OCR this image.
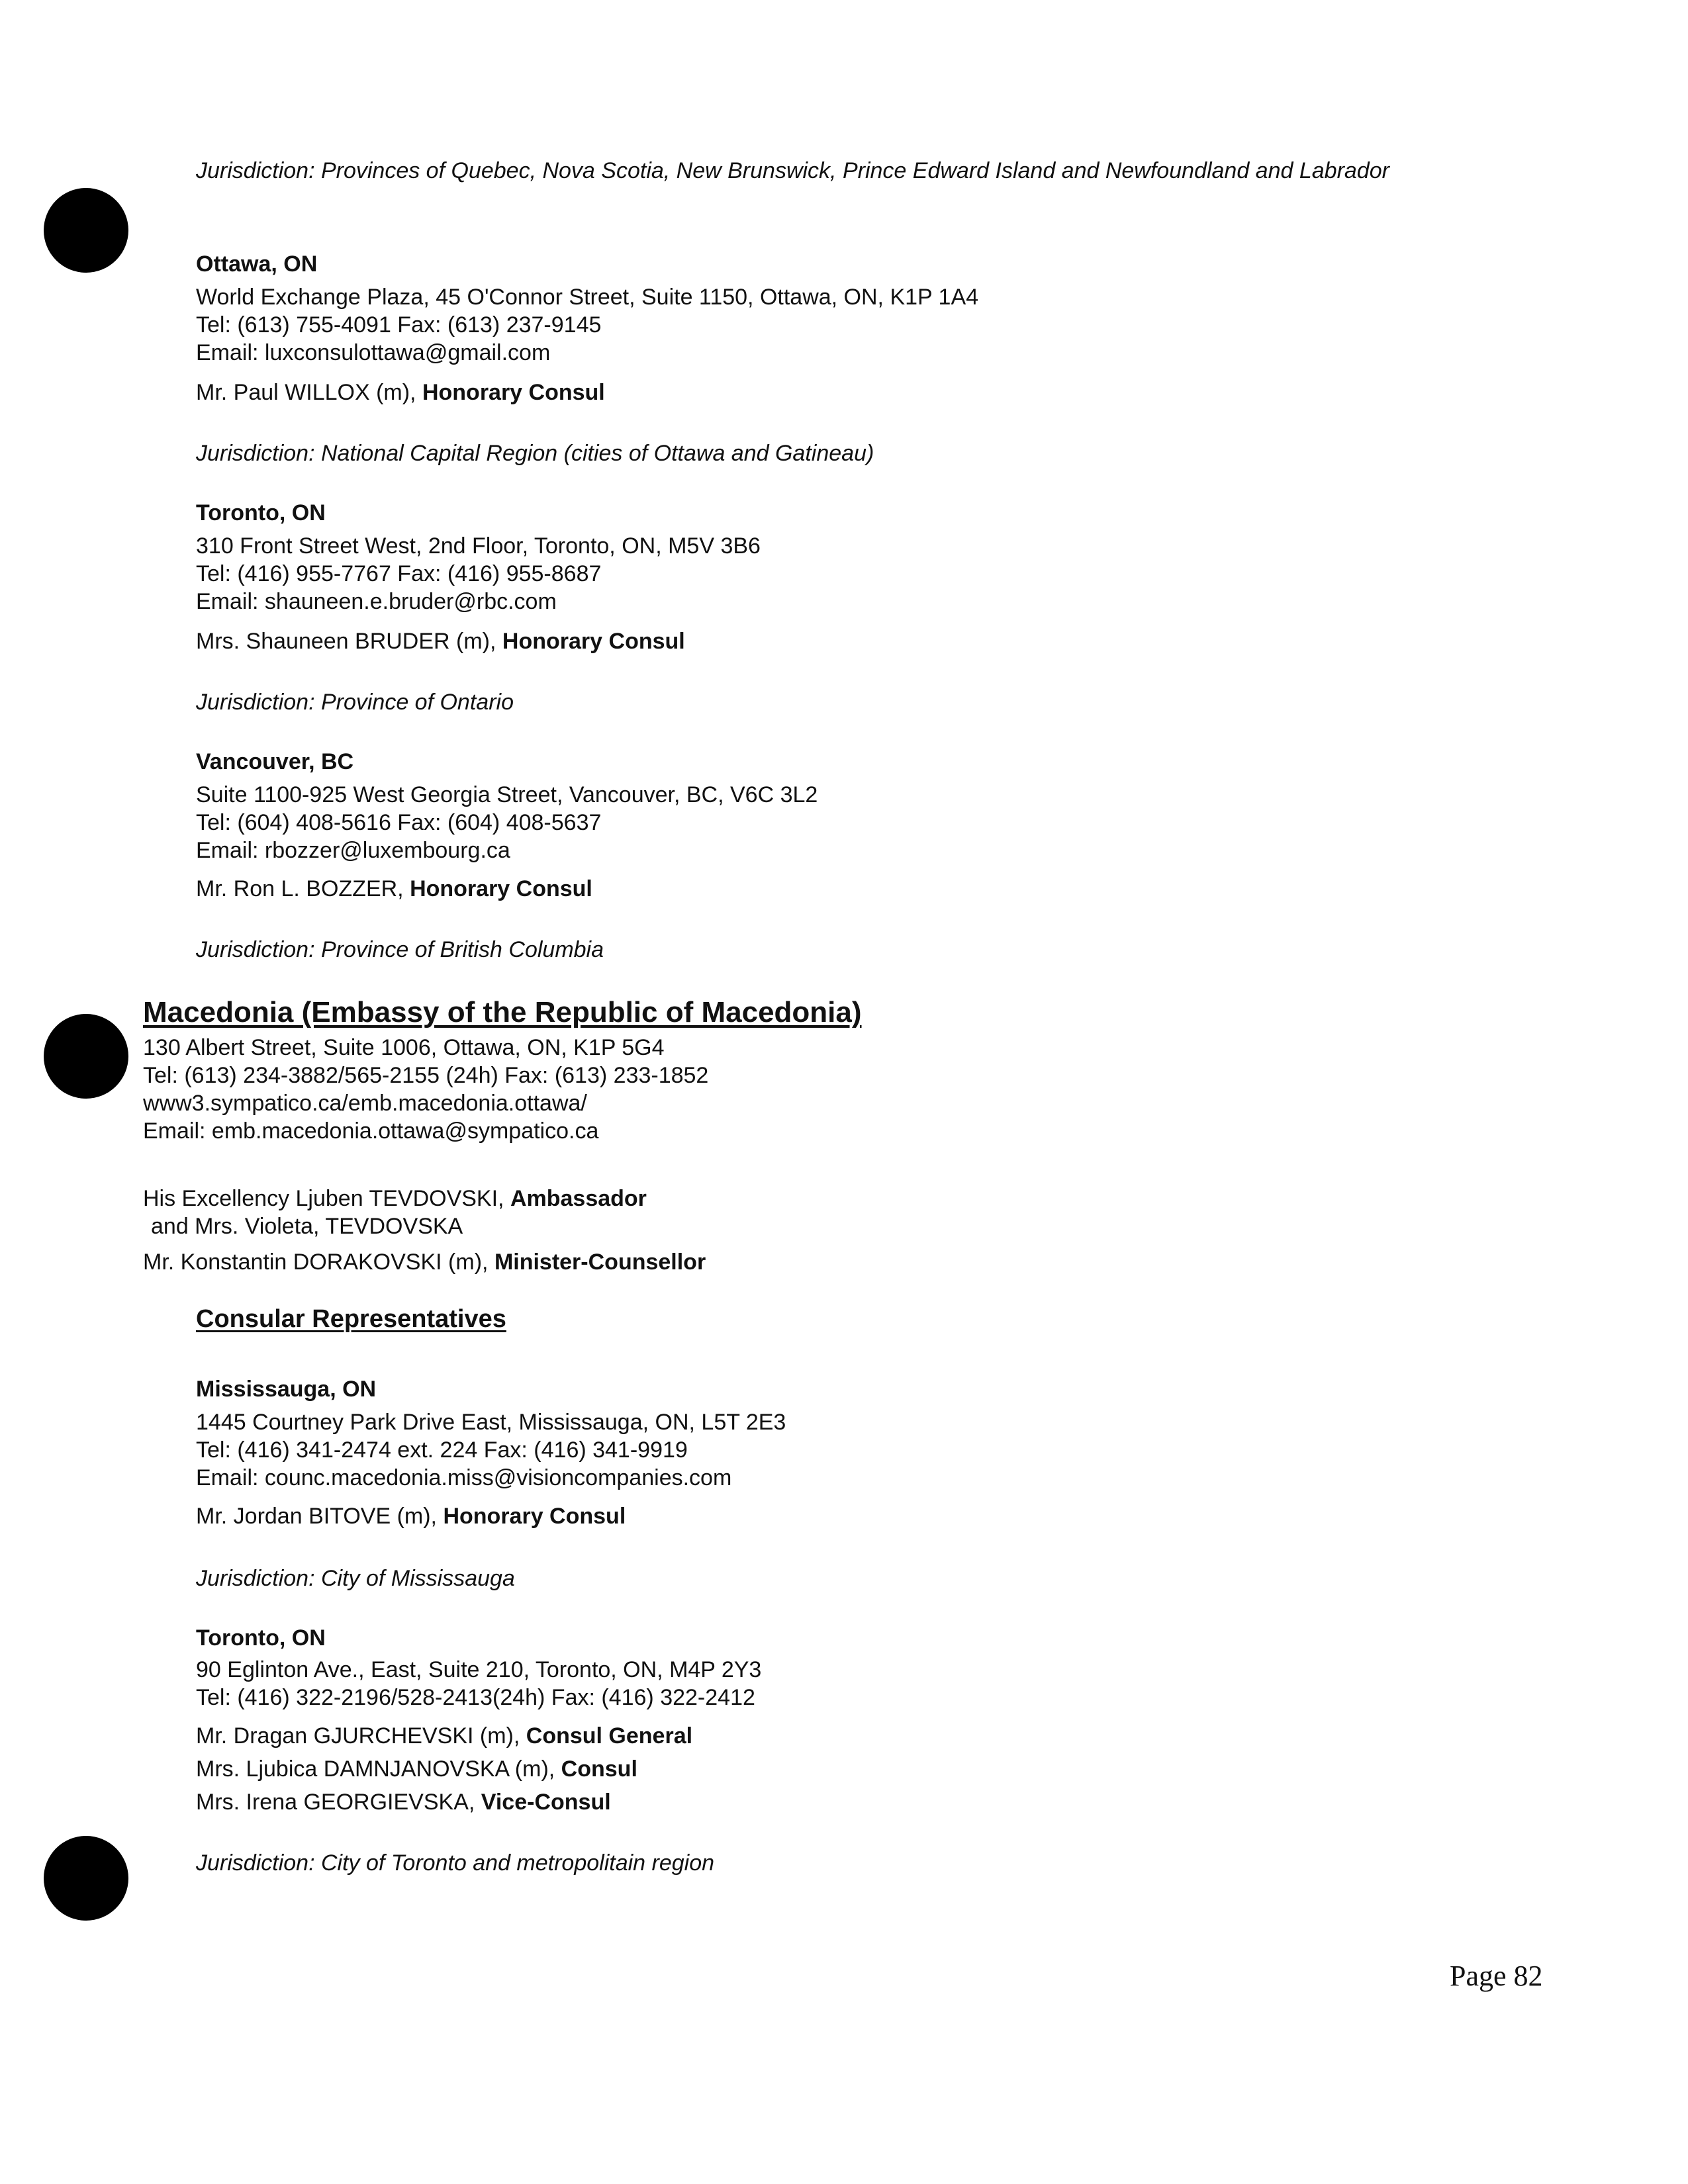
Jurisdiction: Provinces of Quebec, Nova Scotia, New Brunswick, Prince Edward Island and Newfoundland and Labrador
Ottawa, ON
World Exchange Plaza, 45 O'Connor Street, Suite 1150, Ottawa, ON, K1P 1A4
Tel: (613) 755-4091 Fax: (613) 237-9145
Email: luxconsulottawa@gmail.com
Mr. Paul WILLOX (m), Honorary Consul
Jurisdiction: National Capital Region (cities of Ottawa and Gatineau)
Toronto, ON
310 Front Street West, 2nd Floor, Toronto, ON, M5V 3B6
Tel: (416) 955-7767 Fax: (416) 955-8687
Email: shauneen.e.bruder@rbc.com
Mrs. Shauneen BRUDER (m), Honorary Consul
Jurisdiction: Province of Ontario
Vancouver, BC
Suite 1100-925 West Georgia Street, Vancouver, BC, V6C 3L2
Tel: (604) 408-5616 Fax: (604) 408-5637
Email: rbozzer@luxembourg.ca
Mr. Ron L. BOZZER, Honorary Consul
Jurisdiction: Province of British Columbia
Macedonia (Embassy of the Republic of Macedonia)
130 Albert Street, Suite 1006, Ottawa, ON, K1P 5G4
Tel: (613) 234-3882/565-2155 (24h) Fax: (613) 233-1852
www3.sympatico.ca/emb.macedonia.ottawa/
Email: emb.macedonia.ottawa@sympatico.ca
His Excellency Ljuben TEVDOVSKI, Ambassador
and Mrs. Violeta, TEVDOVSKA
Mr. Konstantin DORAKOVSKI (m), Minister-Counsellor
Consular Representatives
Mississauga, ON
1445 Courtney Park Drive East, Mississauga, ON, L5T 2E3
Tel: (416) 341-2474 ext. 224 Fax: (416) 341-9919
Email: counc.macedonia.miss@visioncompanies.com
Mr. Jordan BITOVE (m), Honorary Consul
Jurisdiction: City of Mississauga
Toronto, ON
90 Eglinton Ave., East, Suite 210, Toronto, ON, M4P 2Y3
Tel: (416) 322-2196/528-2413(24h) Fax: (416) 322-2412
Mr. Dragan GJURCHEVSKI (m), Consul General
Mrs. Ljubica DAMNJANOVSKA (m), Consul
Mrs. Irena GEORGIEVSKA, Vice-Consul
Jurisdiction: City of Toronto and metropolitain region
Page 82
